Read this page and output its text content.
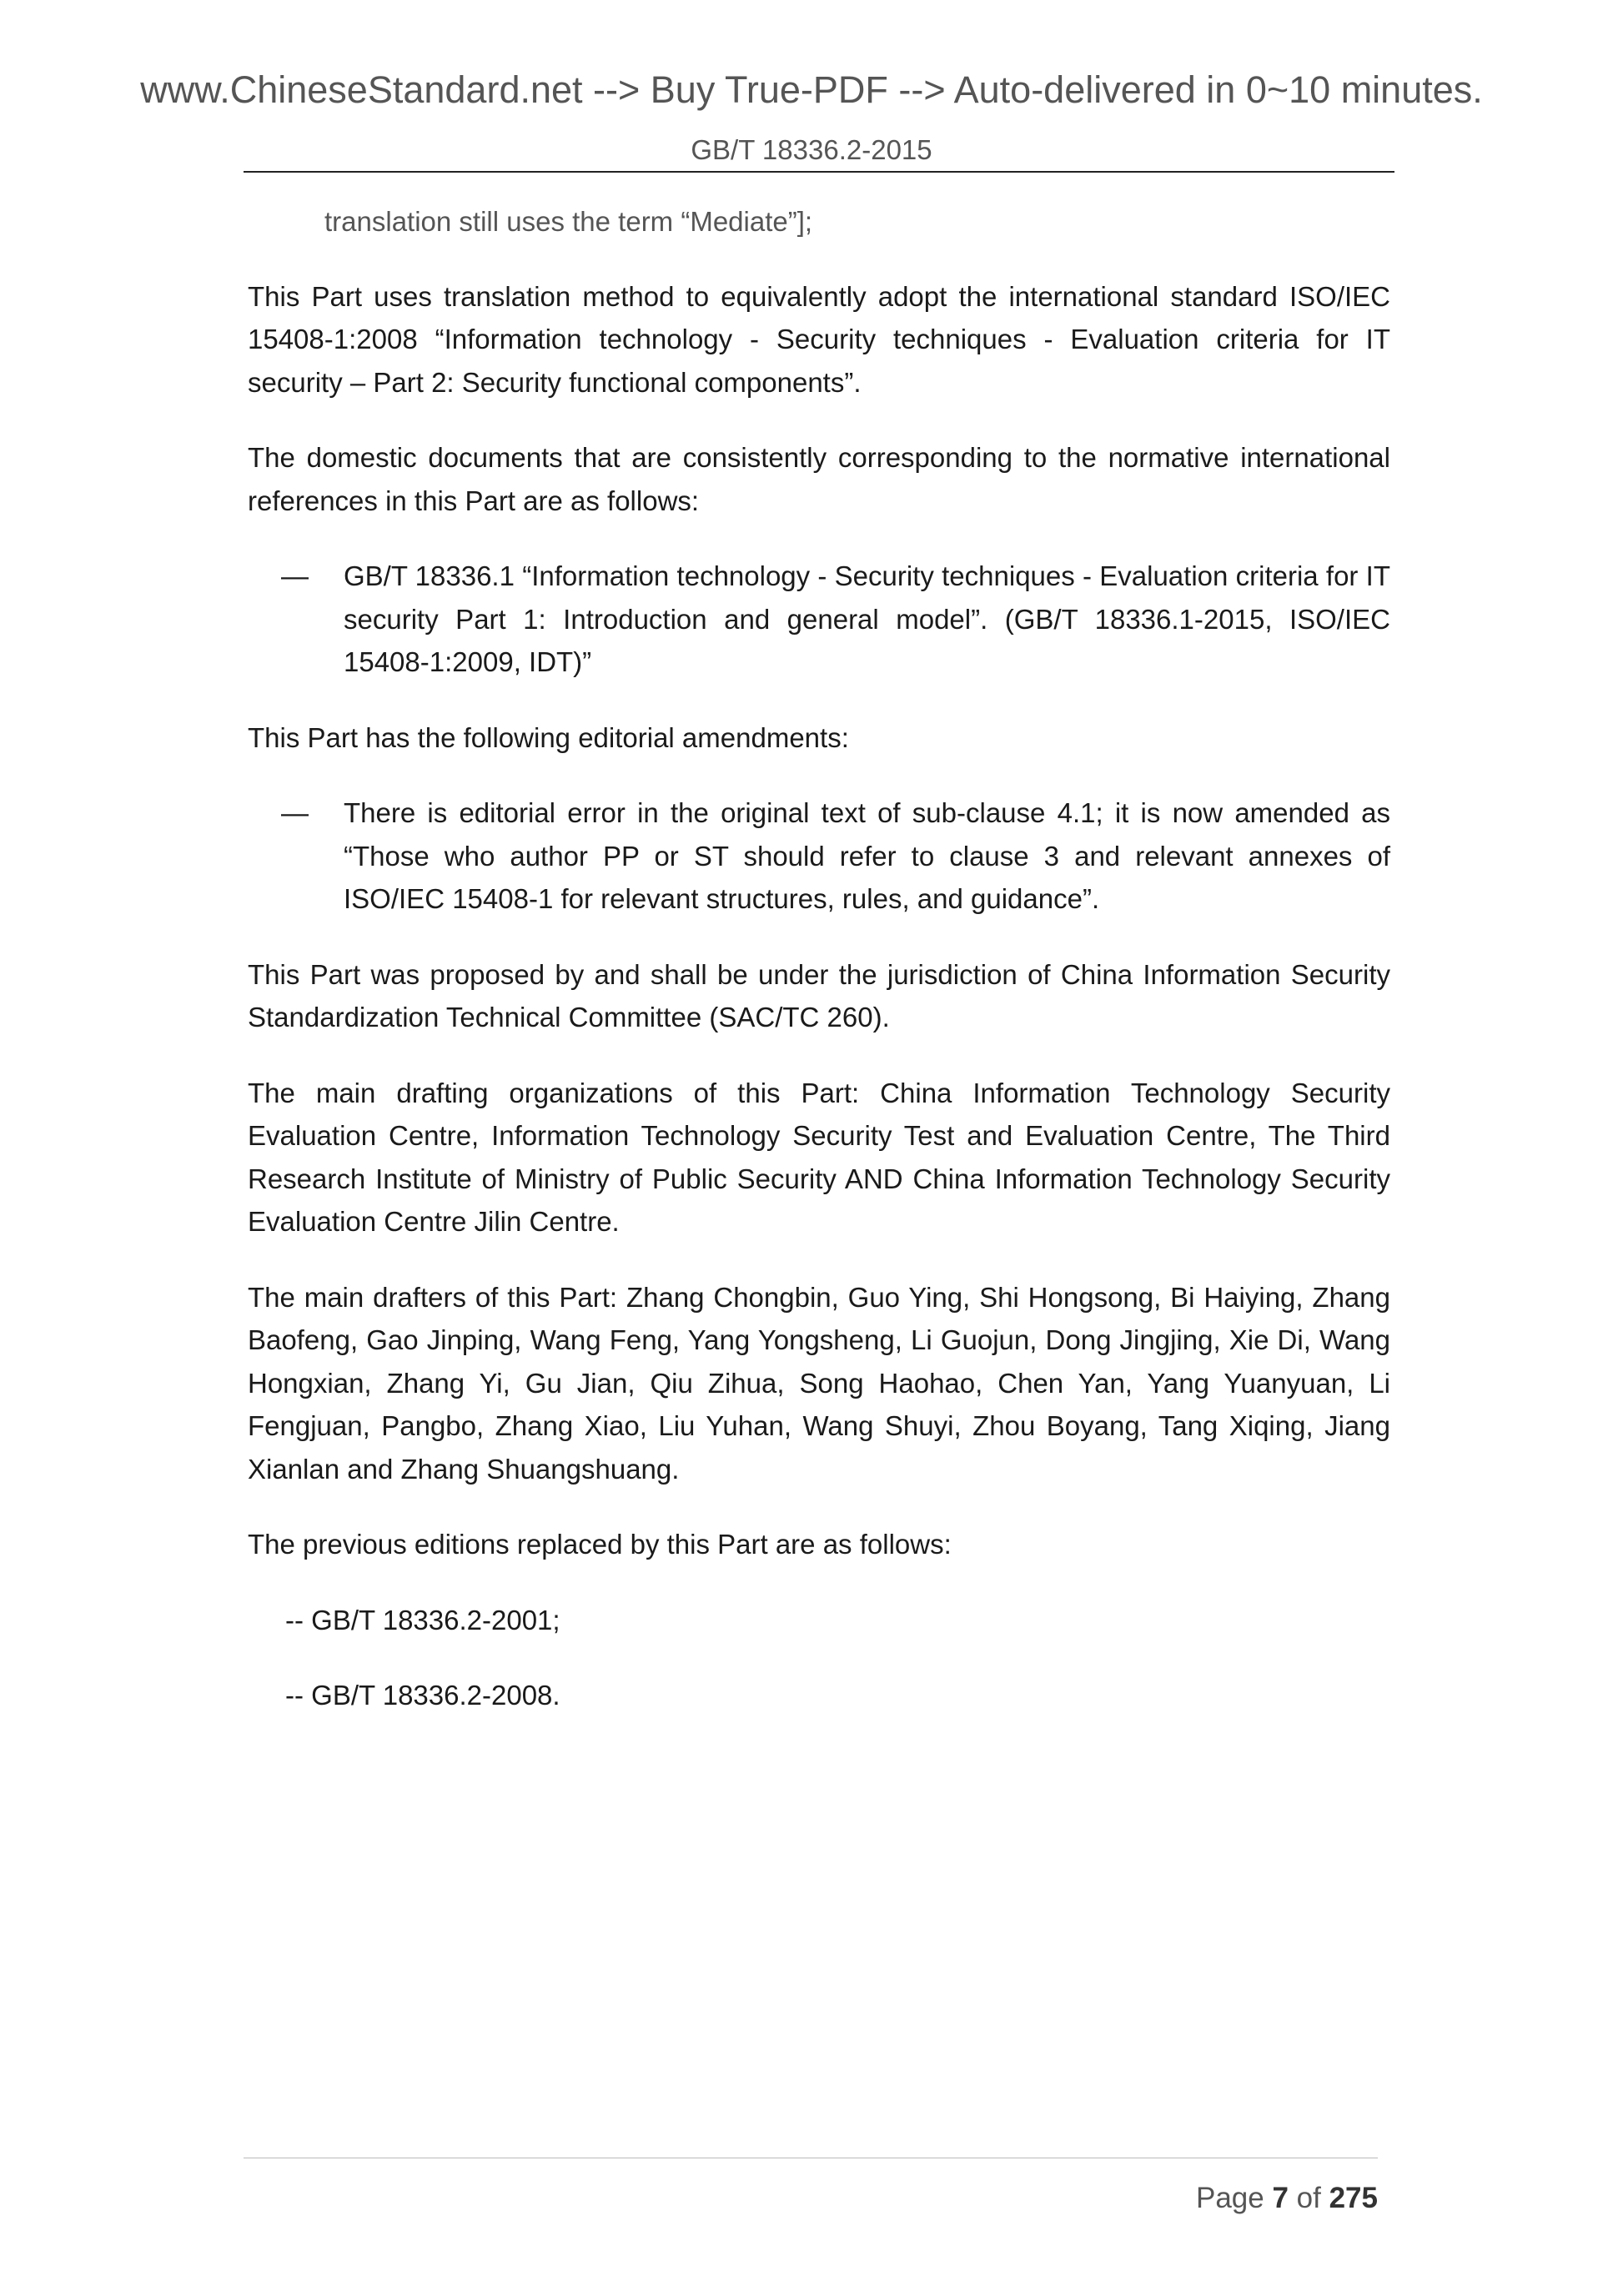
www.ChineseStandard.net --> Buy True-PDF --> Auto-delivered in 0~10 minutes.
GB/T 18336.2-2015

translation still uses the term “Mediate”];

This Part uses translation method to equivalently adopt the international standard ISO/IEC 15408-1:2008 “Information technology - Security techniques - Evaluation criteria for IT security – Part 2: Security functional components”.

The domestic documents that are consistently corresponding to the normative international references in this Part are as follows:

— GB/T 18336.1 “Information technology - Security techniques - Evaluation criteria for IT security Part 1: Introduction and general model”. (GB/T 18336.1-2015, ISO/IEC 15408-1:2009, IDT)”

This Part has the following editorial amendments:

— There is editorial error in the original text of sub-clause 4.1; it is now amended as “Those who author PP or ST should refer to clause 3 and relevant annexes of ISO/IEC 15408-1 for relevant structures, rules, and guidance”.

This Part was proposed by and shall be under the jurisdiction of China Information Security Standardization Technical Committee (SAC/TC 260).

The main drafting organizations of this Part: China Information Technology Security Evaluation Centre, Information Technology Security Test and Evaluation Centre, The Third Research Institute of Ministry of Public Security AND China Information Technology Security Evaluation Centre Jilin Centre.

The main drafters of this Part: Zhang Chongbin, Guo Ying, Shi Hongsong, Bi Haiying, Zhang Baofeng, Gao Jinping, Wang Feng, Yang Yongsheng, Li Guojun, Dong Jingjing, Xie Di, Wang Hongxian, Zhang Yi, Gu Jian, Qiu Zihua, Song Haohao, Chen Yan, Yang Yuanyuan, Li Fengjuan, Pangbo, Zhang Xiao, Liu Yuhan, Wang Shuyi, Zhou Boyang, Tang Xiqing, Jiang Xianlan and Zhang Shuangshuang.

The previous editions replaced by this Part are as follows:

-- GB/T 18336.2-2001;

-- GB/T 18336.2-2008.

Page 7 of 275
